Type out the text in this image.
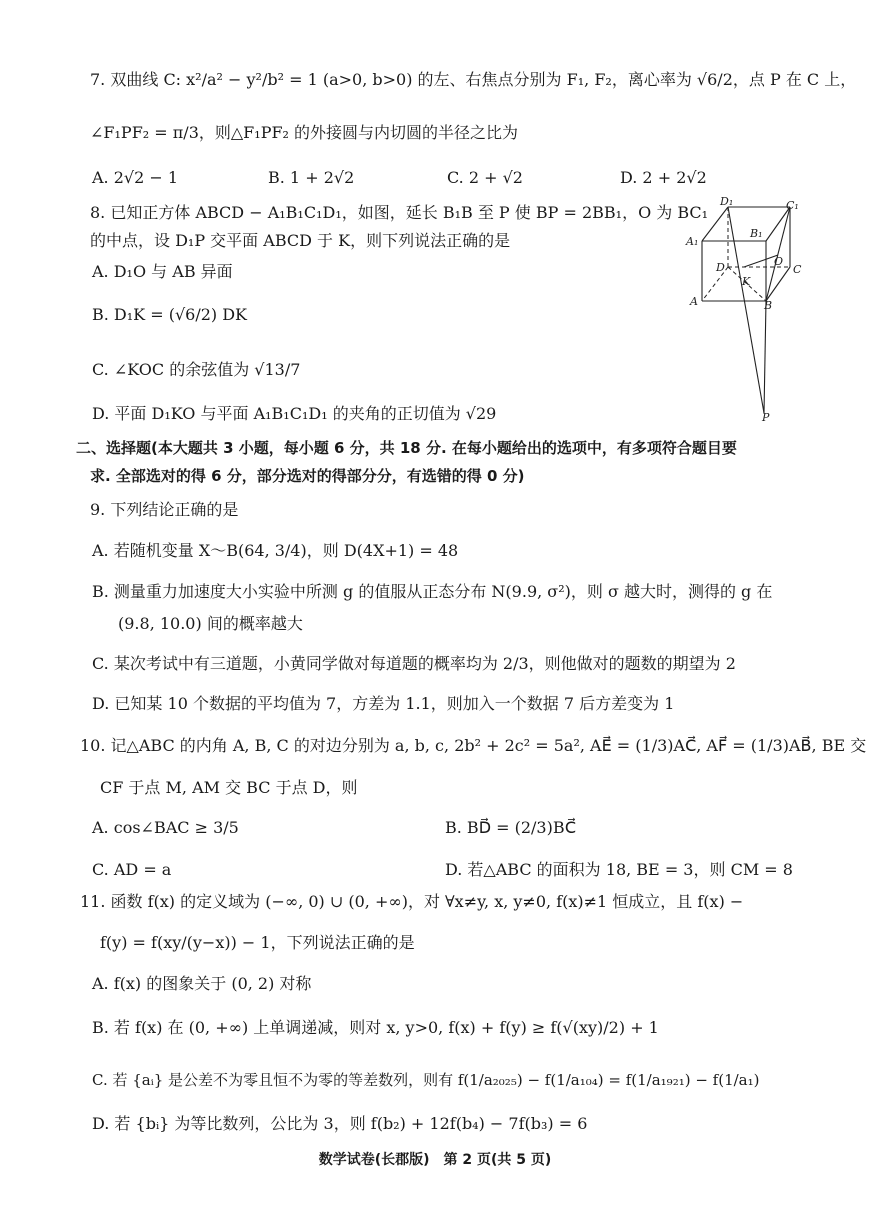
7. 双曲线 C: x²/a² − y²/b² = 1 (a>0, b>0) 的左、右焦点分别为 F₁, F₂，离心率为 √6/2，点 P 在 C 上，
∠F₁PF₂ = π/3，则△F₁PF₂ 的外接圆与内切圆的半径之比为
A. 2√2 − 1	B. 1 + 2√2	C. 2 + √2	D. 2 + 2√2
8. 已知正方体 ABCD − A₁B₁C₁D₁，如图，延长 B₁B 至 P 使 BP = 2BB₁，O 为 BC₁
的中点，设 D₁P 交平面 ABCD 于 K，则下列说法正确的是
A. D₁O 与 AB 异面
B. D₁K = (√6/2) DK
C. ∠KOC 的余弦值为 √13/7
D. 平面 D₁KO 与平面 A₁B₁C₁D₁ 的夹角的正切值为 √29
D₁	C₁
A₁
B₁
D	O
C
K
A	B
P
二、选择题(本大题共 3 小题，每小题 6 分，共 18 分. 在每小题给出的选项中，有多项符合题目要
求. 全部选对的得 6 分，部分选对的得部分分，有选错的得 0 分)
9. 下列结论正确的是
A. 若随机变量 X～B(64, 3/4)，则 D(4X+1) = 48
B. 测量重力加速度大小实验中所测 g 的值服从正态分布 N(9.9, σ²)，则 σ 越大时，测得的 g 在
(9.8, 10.0) 间的概率越大
C. 某次考试中有三道题，小黄同学做对每道题的概率均为 2/3，则他做对的题数的期望为 2
D. 已知某 10 个数据的平均值为 7，方差为 1.1，则加入一个数据 7 后方差变为 1
10. 记△ABC 的内角 A, B, C 的对边分别为 a, b, c, 2b² + 2c² = 5a², AE⃗ = (1/3)AC⃗, AF⃗ = (1/3)AB⃗, BE 交
CF 于点 M, AM 交 BC 于点 D，则
A. cos∠BAC ≥ 3/5	B. BD⃗ = (2/3)BC⃗
C. AD = a	D. 若△ABC 的面积为 18, BE = 3，则 CM = 8
11. 函数 f(x) 的定义域为 (−∞, 0) ∪ (0, +∞)，对 ∀x≠y, x, y≠0, f(x)≠1 恒成立，且 f(x) −
f(y) = f(xy/(y−x)) − 1，下列说法正确的是
A. f(x) 的图象关于 (0, 2) 对称
B. 若 f(x) 在 (0, +∞) 上单调递减，则对 x, y>0, f(x) + f(y) ≥ f(√(xy)/2) + 1
C. 若 {aᵢ} 是公差不为零且恒不为零的等差数列，则有 f(1/a₂₀₂₅) − f(1/a₁₀₄) = f(1/a₁₉₂₁) − f(1/a₁)
D. 若 {bᵢ} 为等比数列，公比为 3，则 f(b₂) + 12f(b₄) − 7f(b₃) = 6
数学试卷(长郡版)　第 2 页(共 5 页)
